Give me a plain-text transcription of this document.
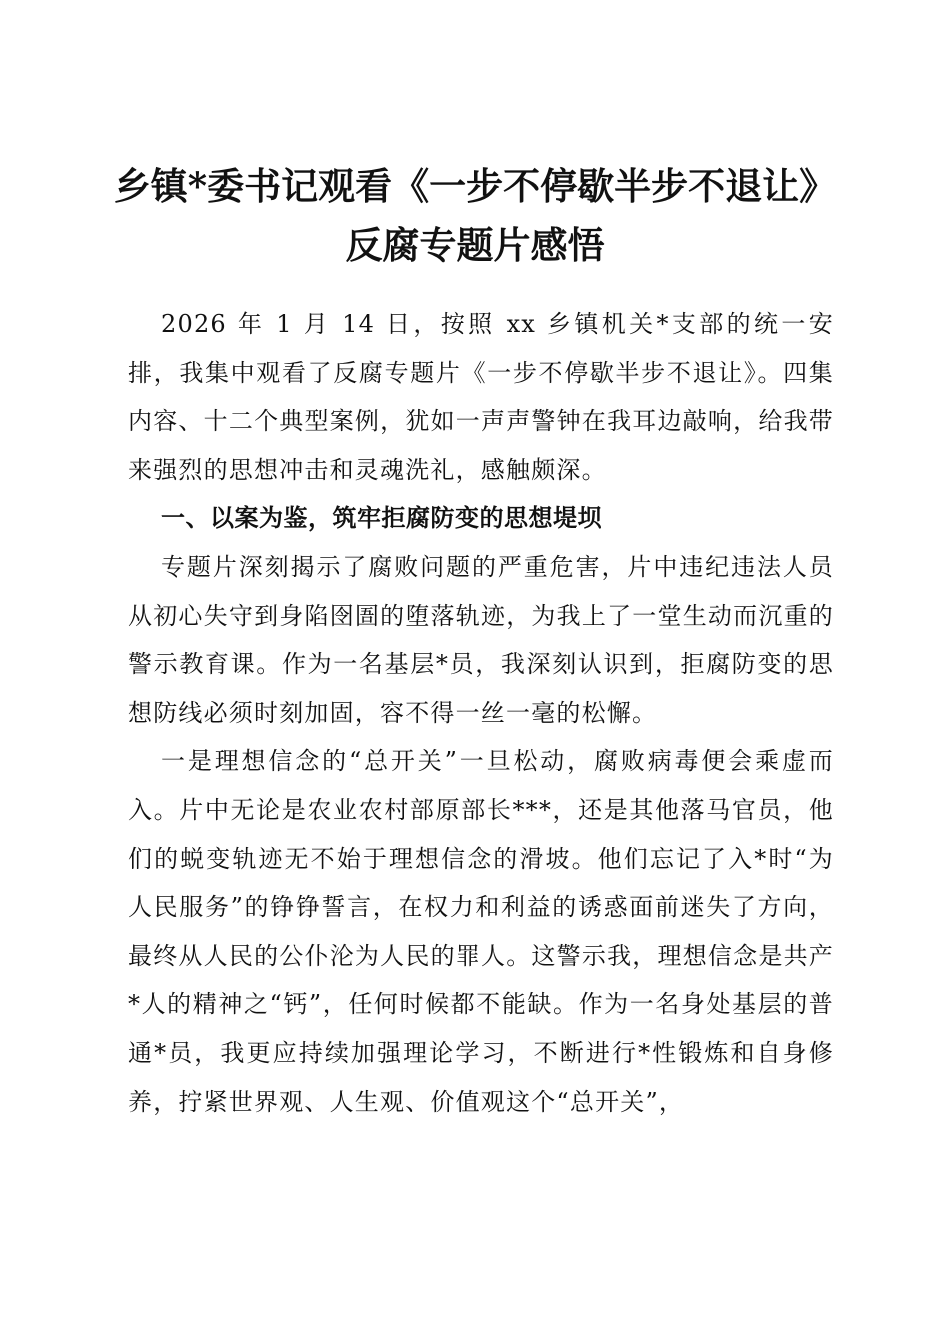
乡镇*委书记观看《一步不停歇半步不退让》
反腐专题片感悟

2026 年 1 月 14 日，按照 xx 乡镇机关*支部的统一安排，我集中观看了反腐专题片《一步不停歇半步不退让》。四集内容、十二个典型案例，犹如一声声警钟在我耳边敲响，给我带来强烈的思想冲击和灵魂洗礼，感触颇深。

一、以案为鉴，筑牢拒腐防变的思想堤坝

专题片深刻揭示了腐败问题的严重危害，片中违纪违法人员从初心失守到身陷囹圄的堕落轨迹，为我上了一堂生动而沉重的警示教育课。作为一名基层*员，我深刻认识到，拒腐防变的思想防线必须时刻加固，容不得一丝一毫的松懈。

一是理想信念的“总开关”一旦松动，腐败病毒便会乘虚而入。片中无论是农业农村部原部长***，还是其他落马官员，他们的蜕变轨迹无不始于理想信念的滑坡。他们忘记了入*时“为人民服务”的铮铮誓言，在权力和利益的诱惑面前迷失了方向，最终从人民的公仆沦为人民的罪人。这警示我，理想信念是共产*人的精神之“钙”，任何时候都不能缺。作为一名身处基层的普通*员，我更应持续加强理论学习，不断进行*性锻炼和自身修养，拧紧世界观、人生观、价值观这个“总开关”，
